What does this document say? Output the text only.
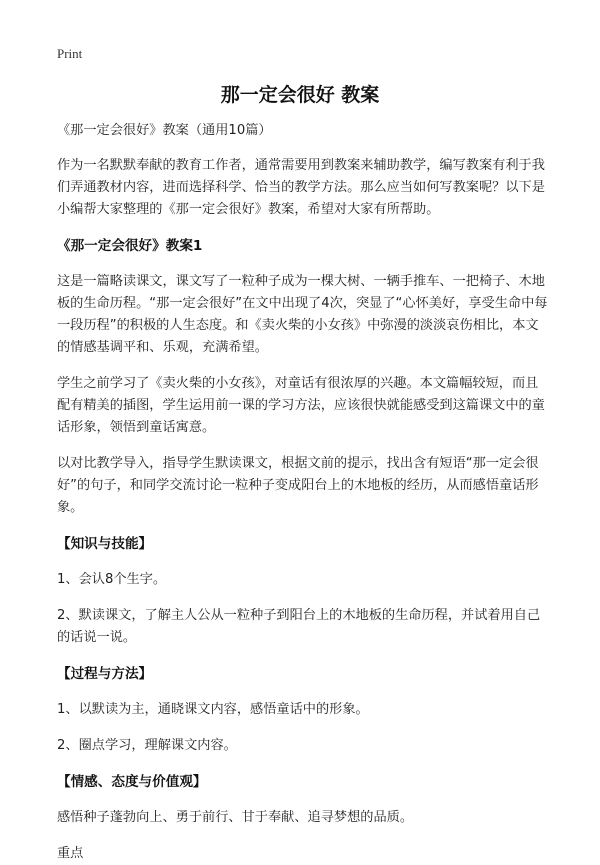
Print
那一定会很好 教案

《那一定会很好》教案（通用10篇）

作为一名默默奉献的教育工作者，通常需要用到教案来辅助教学，编写教案有利于我们弄通教材内容，进而选择科学、恰当的教学方法。那么应当如何写教案呢？以下是小编帮大家整理的《那一定会很好》教案，希望对大家有所帮助。

《那一定会很好》教案1

这是一篇略读课文，课文写了一粒种子成为一棵大树、一辆手推车、一把椅子、木地板的生命历程。“那一定会很好”在文中出现了4次，突显了“心怀美好，享受生命中每一段历程”的积极的人生态度。和《卖火柴的小女孩》中弥漫的淡淡哀伤相比，本文的情感基调平和、乐观，充满希望。

学生之前学习了《卖火柴的小女孩》，对童话有很浓厚的兴趣。本文篇幅较短，而且配有精美的插图，学生运用前一课的学习方法，应该很快就能感受到这篇课文中的童话形象，领悟到童话寓意。

以对比教学导入，指导学生默读课文，根据文前的提示，找出含有短语“那一定会很好”的句子，和同学交流讨论一粒种子变成阳台上的木地板的经历，从而感悟童话形象。

【知识与技能】

1、会认8个生字。

2、默读课文，了解主人公从一粒种子到阳台上的木地板的生命历程，并试着用自己的话说一说。

【过程与方法】

1、以默读为主，通晓课文内容，感悟童话中的形象。

2、圈点学习，理解课文内容。

【情感、态度与价值观】

感悟种子蓬勃向上、勇于前行、甘于奉献、追寻梦想的品质。

重点
